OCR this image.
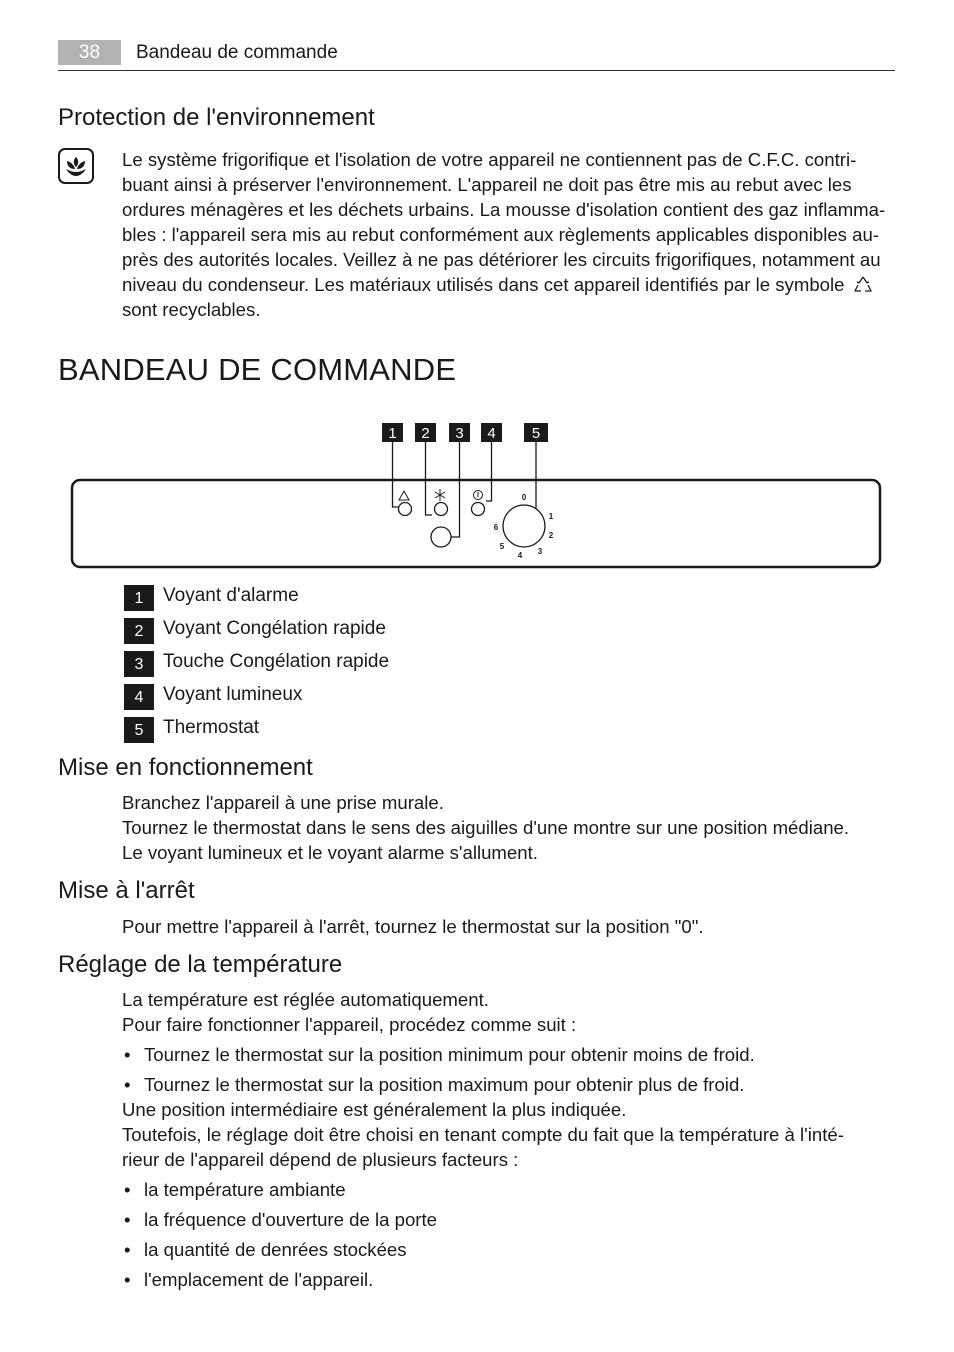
38	Bandeau de commande
Protection de l'environnement

Le système frigorifique et l'isolation de votre appareil ne contiennent pas de C.F.C. contri-

buant ainsi à préserver l'environnement. L'appareil ne doit pas être mis au rebut avec les

ordures ménagères et les déchets urbains. La mousse d'isolation contient des gaz inflamma-

bles : l'appareil sera mis au rebut conformément aux règlements applicables disponibles au-

près des autorités locales. Veillez à ne pas détériorer les circuits frigorifiques, notamment au

niveau du condenseur. Les matériaux utilisés dans cet appareil identifiés par le symbole

sont recyclables.

BANDEAU DE COMMANDE
1 2 3 4 5
0
1
2
3
4
5
6
1	Voyant d'alarme
2	Voyant Congélation rapide
3	Touche Congélation rapide
4	Voyant lumineux
5	Thermostat
Mise en fonctionnement

Branchez l'appareil à une prise murale.

Tournez le thermostat dans le sens des aiguilles d'une montre sur une position médiane.

Le voyant lumineux et le voyant alarme s'allument.

Mise à l'arrêt

Pour mettre l'appareil à l'arrêt, tournez le thermostat sur la position "0".

Réglage de la température

La température est réglée automatiquement.

Pour faire fonctionner l'appareil, procédez comme suit :

• Tournez le thermostat sur la position minimum pour obtenir moins de froid.
• Tournez le thermostat sur la position maximum pour obtenir plus de froid.

Une position intermédiaire est généralement la plus indiquée.

Toutefois, le réglage doit être choisi en tenant compte du fait que la température à l'inté-

rieur de l'appareil dépend de plusieurs facteurs :

• la température ambiante
• la fréquence d'ouverture de la porte
• la quantité de denrées stockées
• l'emplacement de l'appareil.
